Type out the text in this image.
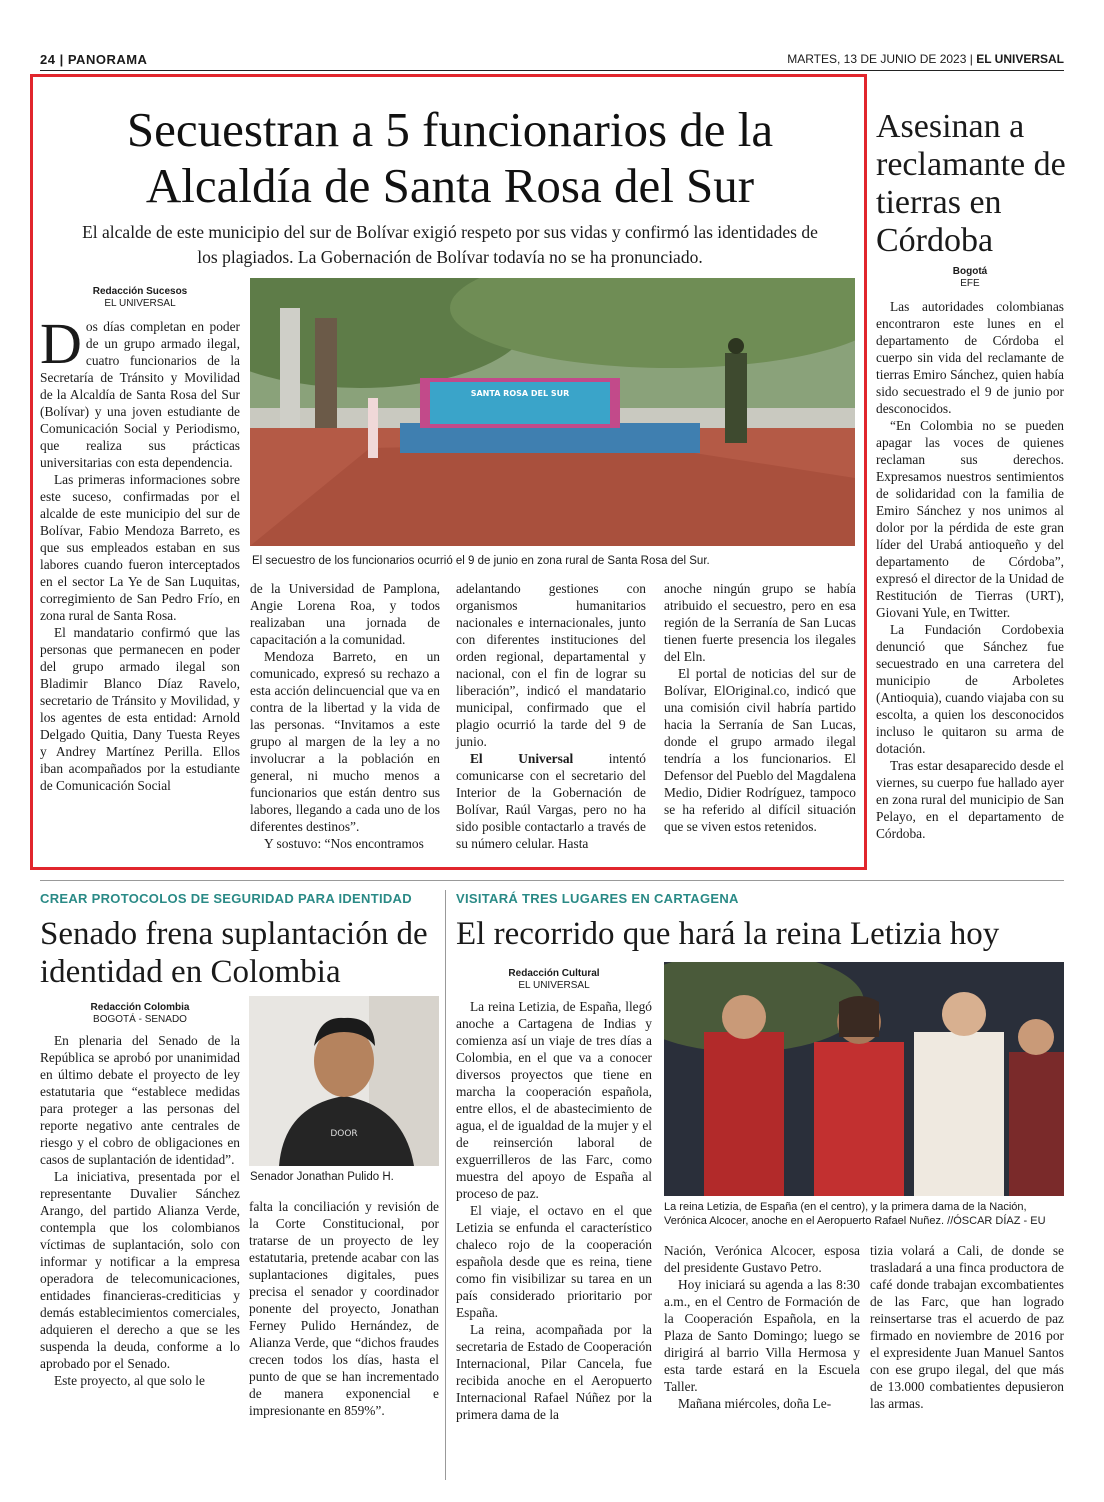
24 | PANORAMA	MARTES, 13 DE JUNIO DE 2023 | EL UNIVERSAL
Secuestran a 5 funcionarios de la Alcaldía de Santa Rosa del Sur
El alcalde de este municipio del sur de Bolívar exigió respeto por sus vidas y confirmó las identidades de los plagiados. La Gobernación de Bolívar todavía no se ha pronunciado.
Redacción Sucesos
EL UNIVERSAL

Dos días completan en poder de un grupo armado ilegal, cuatro funcionarios de la Secretaría de Tránsito y Movilidad de la Alcaldía de Santa Rosa del Sur (Bolívar) y una joven estudiante de Comunicación Social y Periodismo, que realiza sus prácticas universitarias con esta dependencia.

Las primeras informaciones sobre este suceso, confirmadas por el alcalde de este municipio del sur de Bolívar, Fabio Mendoza Barreto, es que sus empleados estaban en sus labores cuando fueron interceptados en el sector La Ye de San Luquitas, corregimiento de San Pedro Frío, en zona rural de Santa Rosa.

El mandatario confirmó que las personas que permanecen en poder del grupo armado ilegal son Bladimir Blanco Díaz Ravelo, secretario de Tránsito y Movilidad, y los agentes de esta entidad: Arnold Delgado Quitia, Dany Tuesta Reyes y Andrey Martínez Perilla. Ellos iban acompañados por la estudiante de Comunicación Social

SANTA ROSA DEL SUR
El secuestro de los funcionarios ocurrió el 9 de junio en zona rural de Santa Rosa del Sur.

de la Universidad de Pamplona, Angie Lorena Roa, y todos realizaban una jornada de capacitación a la comunidad.

Mendoza Barreto, en un comunicado, expresó su rechazo a esta acción delincuencial que va en contra de la libertad y la vida de las personas. “Invitamos a este grupo al margen de la ley a no involucrar a la población en general, ni mucho menos a funcionarios que están dentro sus labores, llegando a cada uno de los diferentes destinos”.

Y sostuvo: “Nos encontramos

adelantando gestiones con organismos humanitarios nacionales e internacionales, junto con diferentes instituciones del orden regional, departamental y nacional, con el fin de lograr su liberación”, indicó el mandatario municipal, confirmado que el plagio ocurrió la tarde del 9 de junio.

El Universal intentó comunicarse con el secretario del Interior de la Gobernación de Bolívar, Raúl Vargas, pero no ha sido posible contactarlo a través de su número celular. Hasta

anoche ningún grupo se había atribuido el secuestro, pero en esa región de la Serranía de San Lucas tienen fuerte presencia los ilegales del Eln.

El portal de noticias del sur de Bolívar, ElOriginal.co, indicó que una comisión civil habría partido hacia la Serranía de San Lucas, donde el grupo armado ilegal tendría a los funcionarios. El Defensor del Pueblo del Magdalena Medio, Didier Rodríguez, tampoco se ha referido al difícil situación que se viven estos retenidos.

Asesinan a reclamante de tierras en Córdoba
Bogotá
EFE

Las autoridades colombianas encontraron este lunes en el departamento de Córdoba el cuerpo sin vida del reclamante de tierras Emiro Sánchez, quien había sido secuestrado el 9 de junio por desconocidos.

“En Colombia no se pueden apagar las voces de quienes reclaman sus derechos. Expresamos nuestros sentimientos de solidaridad con la familia de Emiro Sánchez y nos unimos al dolor por la pérdida de este gran líder del Urabá antioqueño y del departamento de Córdoba”, expresó el director de la Unidad de Restitución de Tierras (URT), Giovani Yule, en Twitter.

La Fundación Cordobexia denunció que Sánchez fue secuestrado en una carretera del municipio de Arboletes (Antioquia), cuando viajaba con su escolta, a quien los desconocidos incluso le quitaron su arma de dotación.

Tras estar desaparecido desde el viernes, su cuerpo fue hallado ayer en zona rural del municipio de San Pelayo, en el departamento de Córdoba.

CREAR PROTOCOLOS DE SEGURIDAD PARA IDENTIDAD
Senado frena suplantación de identidad en Colombia
Redacción Colombia
BOGOTÁ - SENADO

En plenaria del Senado de la República se aprobó por unanimidad en último debate el proyecto de ley estatutaria que “establece medidas para proteger a las personas del reporte negativo ante centrales de riesgo y el cobro de obligaciones en casos de suplantación de identidad”.

La iniciativa, presentada por el representante Duvalier Sánchez Arango, del partido Alianza Verde, contempla que los colombianos víctimas de suplantación, solo con informar y notificar a la empresa operadora de telecomunicaciones, entidades financieras-crediticias y demás establecimientos comerciales, adquieren el derecho a que se les suspenda la deuda, conforme a lo aprobado por el Senado.

Este proyecto, al que solo le

DOOR
Senador Jonathan Pulido H.

falta la conciliación y revisión de la Corte Constitucional, por tratarse de un proyecto de ley estatutaria, pretende acabar con las suplantaciones digitales, pues precisa el senador y coordinador ponente del proyecto, Jonathan Ferney Pulido Hernández, de Alianza Verde, que “dichos fraudes crecen todos los días, hasta el punto de que se han incrementado de manera exponencial e impresionante en 859%”.

VISITARÁ TRES LUGARES EN CARTAGENA
El recorrido que hará la reina Letizia hoy
Redacción Cultural
EL UNIVERSAL

La reina Letizia, de España, llegó anoche a Cartagena de Indias y comienza así un viaje de tres días a Colombia, en el que va a conocer diversos proyectos que tiene en marcha la cooperación española, entre ellos, el de abastecimiento de agua, el de igualdad de la mujer y el de reinserción laboral de exguerrilleros de las Farc, como muestra del apoyo de España al proceso de paz.

El viaje, el octavo en el que Letizia se enfunda el característico chaleco rojo de la cooperación española desde que es reina, tiene como fin visibilizar su tarea en un país considerado prioritario por España.

La reina, acompañada por la secretaria de Estado de Cooperación Internacional, Pilar Cancela, fue recibida anoche en el Aeropuerto Internacional Rafael Núñez por la primera dama de la

La reina Letizia, de España (en el centro), y la primera dama de la Nación, Verónica Alcocer, anoche en el Aeropuerto Rafael Nuñez. //ÓSCAR DÍAZ - EU

Nación, Verónica Alcocer, esposa del presidente Gustavo Petro.

Hoy iniciará su agenda a las 8:30 a.m., en el Centro de Formación de la Cooperación Española, en la Plaza de Santo Domingo; luego se dirigirá al barrio Villa Hermosa y esta tarde estará en la Escuela Taller.

Mañana miércoles, doña Le-

tizia volará a Cali, de donde se trasladará a una finca productora de café donde trabajan excombatientes de las Farc, que han logrado reinsertarse tras el acuerdo de paz firmado en noviembre de 2016 por el expresidente Juan Manuel Santos con ese grupo ilegal, del que más de 13.000 combatientes depusieron las armas.
